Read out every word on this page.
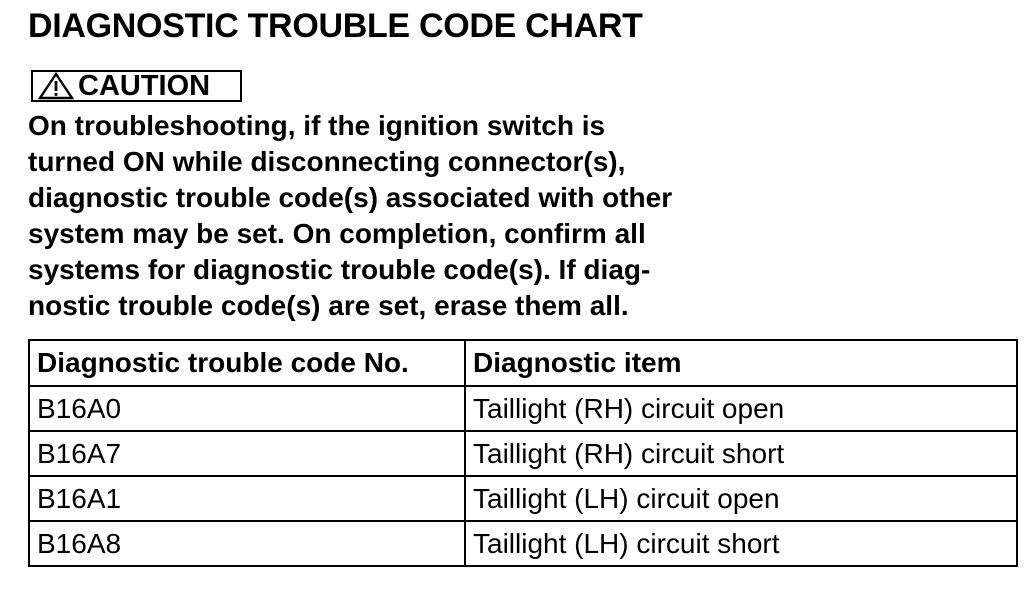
DIAGNOSTIC TROUBLE CODE CHART
CAUTION

On troubleshooting, if the ignition switch is
turned ON while disconnecting connector(s),
diagnostic trouble code(s) associated with other
system may be set. On completion, confirm all
systems for diagnostic trouble code(s). If diag-
nostic trouble code(s) are set, erase them all.

Diagnostic trouble code No.	Diagnostic item
B16A0	Taillight (RH) circuit open
B16A7	Taillight (RH) circuit short
B16A1	Taillight (LH) circuit open
B16A8	Taillight (LH) circuit short
